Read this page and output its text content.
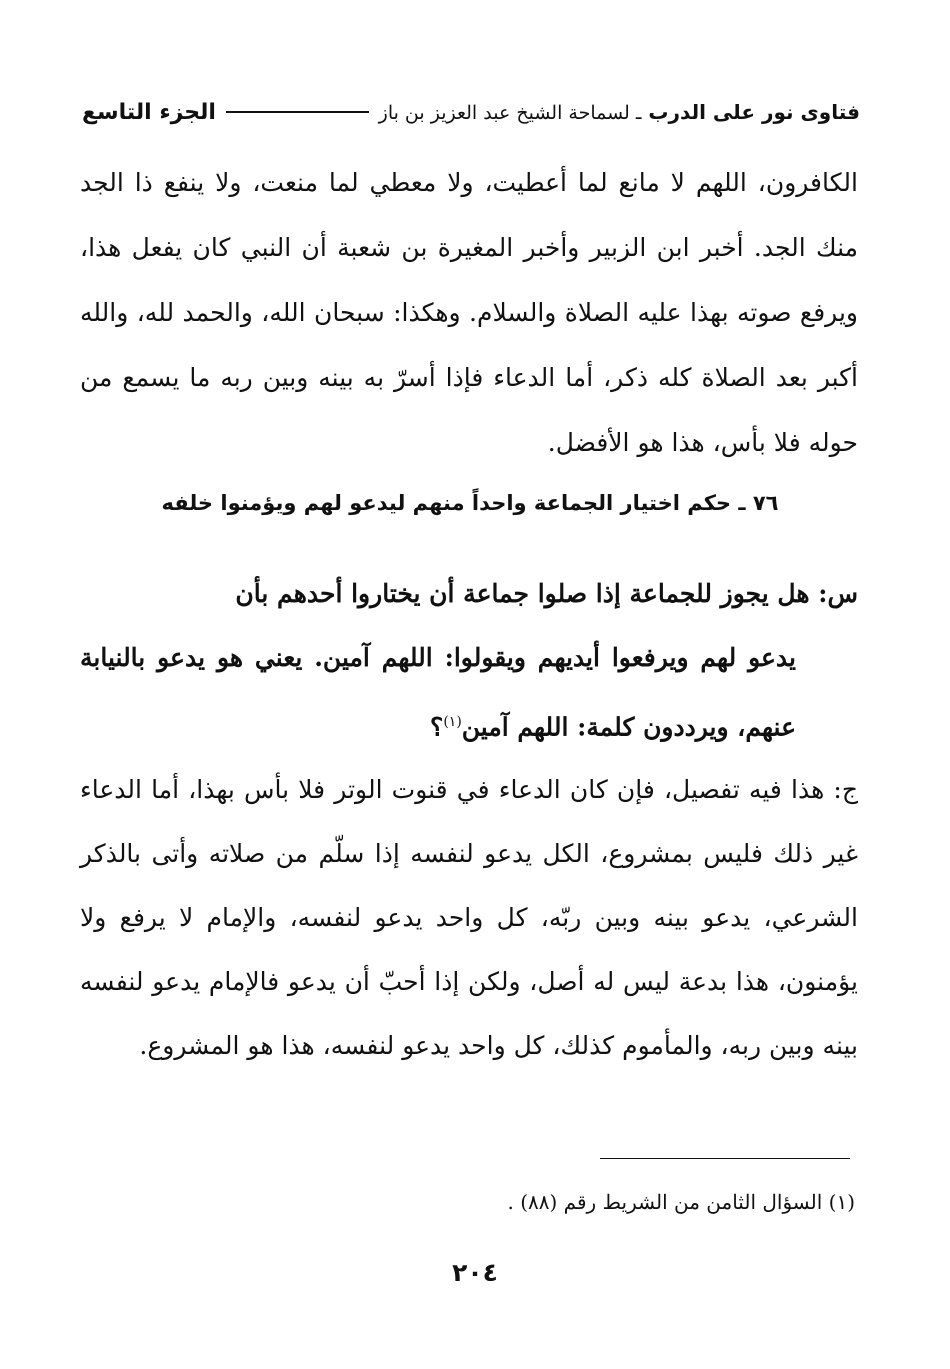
فتاوى نور على الدرب ـ لسماحة الشيخ عبد العزيز بن باز
الجزء التاسع
الكافرون، اللهم لا مانع لما أعطيت، ولا معطي لما منعت، ولا ينفع ذا الجد منك الجد. أخبر ابن الزبير وأخبر المغيرة بن شعبة أن النبي كان يفعل هذا، ويرفع صوته بهذا عليه الصلاة والسلام. وهكذا: سبحان الله، والحمد لله، والله أكبر بعد الصلاة كله ذكر، أما الدعاء فإذا أسرّ به بينه وبين ربه ما يسمع من حوله فلا بأس، هذا هو الأفضل.
٧٦ ـ حكم اختيار الجماعة واحداً منهم ليدعو لهم ويؤمنوا خلفه
س: هل يجوز للجماعة إذا صلوا جماعة أن يختاروا أحدهم بأن
يدعو لهم ويرفعوا أيديهم ويقولوا: اللهم آمين. يعني هو يدعو بالنيابة عنهم، ويرددون كلمة: اللهم آمين$^{(١)}$؟
ج: هذا فيه تفصيل، فإن كان الدعاء في قنوت الوتر فلا بأس بهذا، أما الدعاء غير ذلك فليس بمشروع، الكل يدعو لنفسه إذا سلّم من صلاته وأتى بالذكر الشرعي، يدعو بينه وبين ربّه، كل واحد يدعو لنفسه، والإمام لا يرفع ولا يؤمنون، هذا بدعة ليس له أصل، ولكن إذا أحبّ أن يدعو فالإمام يدعو لنفسه بينه وبين ربه، والمأموم كذلك، كل واحد يدعو لنفسه، هذا هو المشروع.
(١) السؤال الثامن من الشريط رقم (٨٨) .
٢٠٤
